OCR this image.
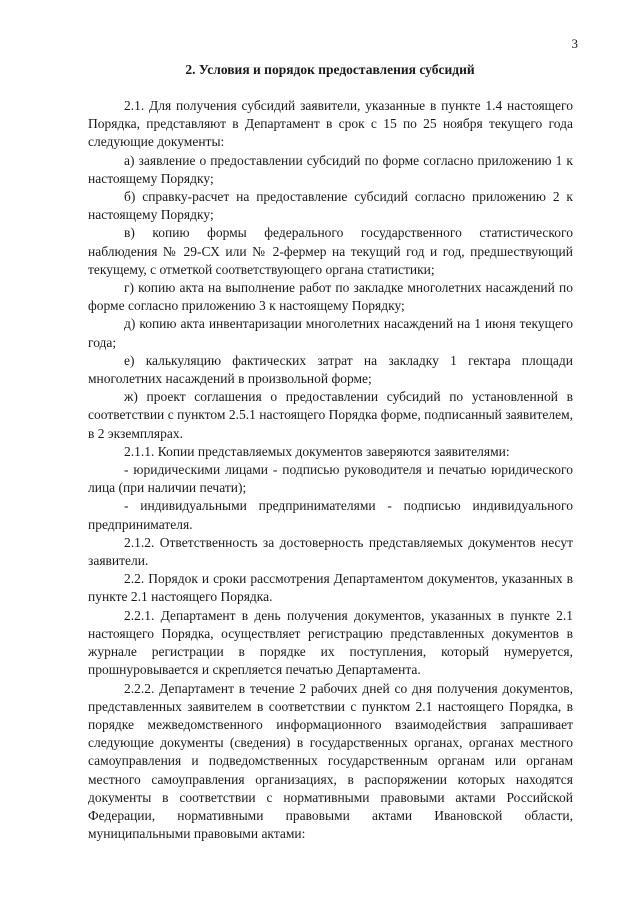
3
2. Условия и порядок предоставления субсидий

2.1. Для получения субсидий заявители, указанные в пункте 1.4 настоящего Порядка, представляют в Департамент в срок с 15 по 25 ноября текущего года следующие документы:

а) заявление о предоставлении субсидий по форме согласно приложению 1 к настоящему Порядку;

б) справку-расчет на предоставление субсидий согласно приложению 2 к настоящему Порядку;

в) копию формы федерального государственного статистического наблюдения № 29-СХ или № 2-фермер на текущий год и год, предшествующий текущему, с отметкой соответствующего органа статистики;

г) копию акта на выполнение работ по закладке многолетних насаждений по форме согласно приложению 3 к настоящему Порядку;

д) копию акта инвентаризации многолетних насаждений на 1 июня текущего года;

е) калькуляцию фактических затрат на закладку 1 гектара площади многолетних насаждений в произвольной форме;

ж) проект соглашения о предоставлении субсидий по установленной в соответствии с пунктом 2.5.1 настоящего Порядка форме, подписанный заявителем, в 2 экземплярах.

2.1.1. Копии представляемых документов заверяются заявителями:

- юридическими лицами - подписью руководителя и печатью юридического лица (при наличии печати);

- индивидуальными предпринимателями - подписью индивидуального предпринимателя.

2.1.2. Ответственность за достоверность представляемых документов несут заявители.

2.2. Порядок и сроки рассмотрения Департаментом документов, указанных в пункте 2.1 настоящего Порядка.

2.2.1. Департамент в день получения документов, указанных в пункте 2.1 настоящего Порядка, осуществляет регистрацию представленных документов в журнале регистрации в порядке их поступления, который нумеруется, прошнуровывается и скрепляется печатью Департамента.

2.2.2. Департамент в течение 2 рабочих дней со дня получения документов, представленных заявителем в соответствии с пунктом 2.1 настоящего Порядка, в порядке межведомственного информационного взаимодействия запрашивает следующие документы (сведения) в государственных органах, органах местного самоуправления и подведомственных государственным органам или органам местного самоуправления организациях, в распоряжении которых находятся документы в соответствии с нормативными правовыми актами Российской Федерации, нормативными правовыми актами Ивановской области, муниципальными правовыми актами:
